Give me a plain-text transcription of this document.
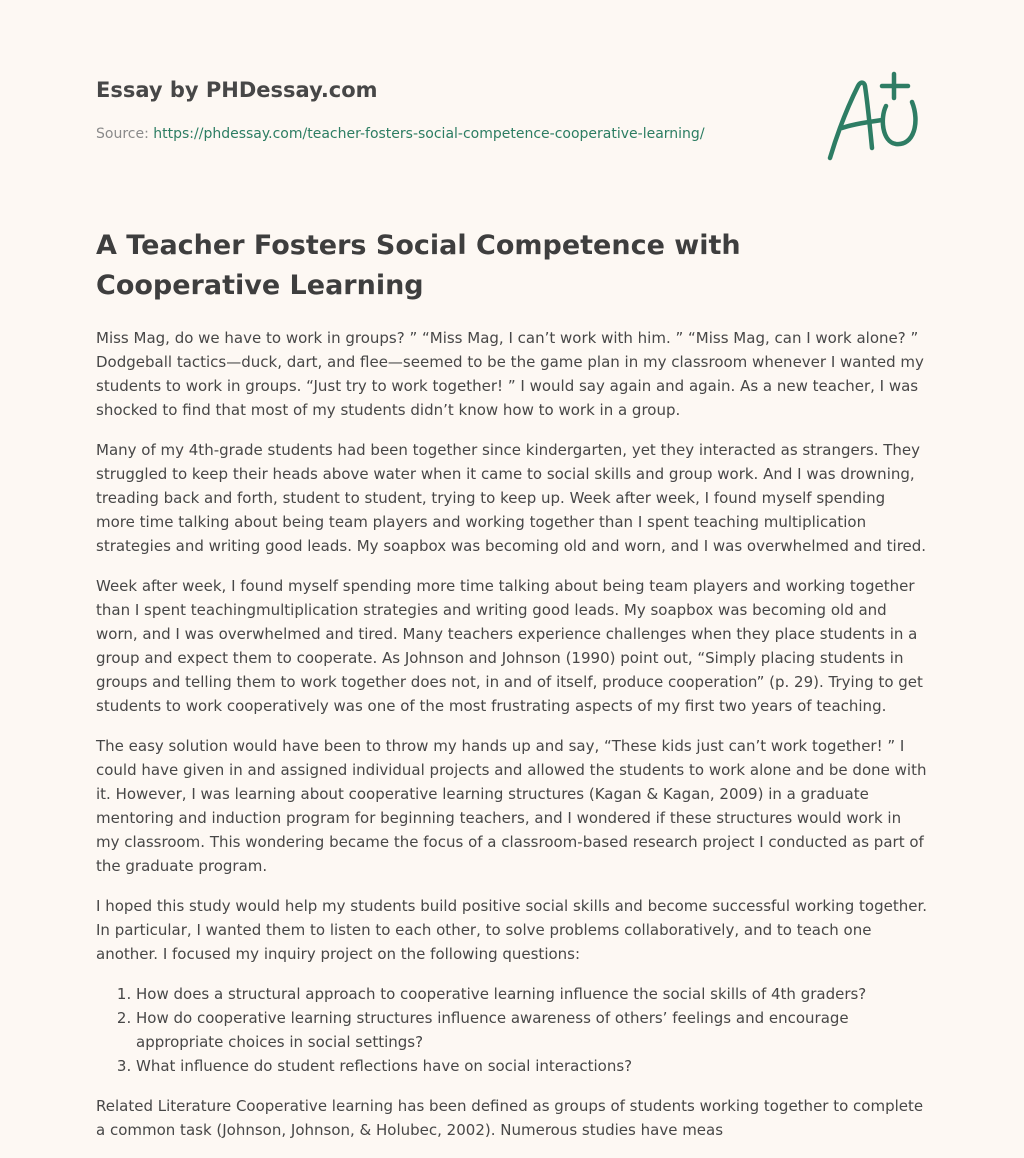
Essay by PHDessay.com

Source: https://phdessay.com/teacher-fosters-social-competence-cooperative-learning/
A Teacher Fosters Social Competence with Cooperative Learning

Miss Mag, do we have to work in groups? ” “Miss Mag, I can’t work with him. ” “Miss Mag, can I work alone? ” Dodgeball tactics—duck, dart, and flee—seemed to be the game plan in my classroom whenever I wanted my students to work in groups. “Just try to work together! ” I would say again and again. As a new teacher, I was shocked to find that most of my students didn’t know how to work in a group.

Many of my 4th-grade students had been together since kindergarten, yet they interacted as strangers. They struggled to keep their heads above water when it came to social skills and group work. And I was drowning, treading back and forth, student to student, trying to keep up. Week after week, I found myself spending more time talking about being team players and working together than I spent teaching multiplication strategies and writing good leads. My soapbox was becoming old and worn, and I was overwhelmed and tired.

Week after week, I found myself spending more time talking about being team players and working together than I spent teachingmultiplication strategies and writing good leads. My soapbox was becoming old and worn, and I was overwhelmed and tired. Many teachers experience challenges when they place students in a group and expect them to cooperate. As Johnson and Johnson (1990) point out, “Simply placing students in groups and telling them to work together does not, in and of itself, produce cooperation” (p. 29). Trying to get students to work cooperatively was one of the most frustrating aspects of my first two years of teaching.

The easy solution would have been to throw my hands up and say, “These kids just can’t work together! ” I could have given in and assigned individual projects and allowed the students to work alone and be done with it. However, I was learning about cooperative learning structures (Kagan & Kagan, 2009) in a graduate mentoring and induction program for beginning teachers, and I wondered if these structures would work in my classroom. This wondering became the focus of a classroom-based research project I conducted as part of the graduate program.

I hoped this study would help my students build positive social skills and become successful working together. In particular, I wanted them to listen to each other, to solve problems collaboratively, and to teach one another. I focused my inquiry project on the following questions:

1. How does a structural approach to cooperative learning influence the social skills of 4th graders?
2. How do cooperative learning structures influence awareness of others’ feelings and encourage appropriate choices in social settings?
3. What influence do student reflections have on social interactions?

Related Literature Cooperative learning has been defined as groups of students working together to complete a common task (Johnson, Johnson, & Holubec, 2002). Numerous studies have meas
